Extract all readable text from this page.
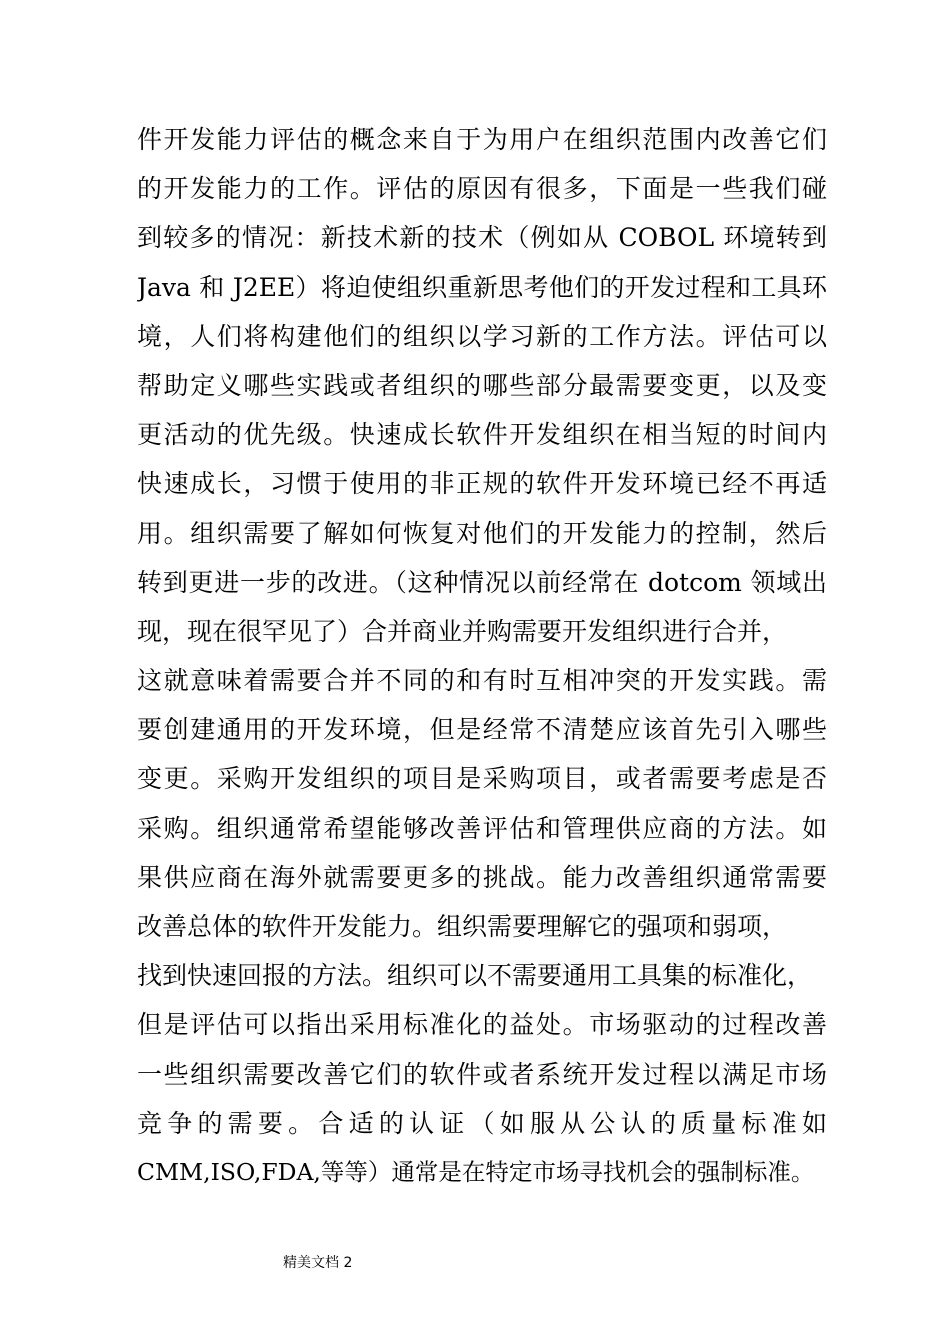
件开发能力评估的概念来自于为用户在组织范围内改善它们
的开发能力的工作。评估的原因有很多，下面是一些我们碰
到较多的情况：新技术新的技术（例如从 COBOL 环境转到
Java 和 J2EE）将迫使组织重新思考他们的开发过程和工具环
境，人们将构建他们的组织以学习新的工作方法。评估可以
帮助定义哪些实践或者组织的哪些部分最需要变更，以及变
更活动的优先级。快速成长软件开发组织在相当短的时间内
快速成长，习惯于使用的非正规的软件开发环境已经不再适
用。组织需要了解如何恢复对他们的开发能力的控制，然后
转到更进一步的改进。（这种情况以前经常在 dotcom 领域出
现，现在很罕见了）合并商业并购需要开发组织进行合并，
这就意味着需要合并不同的和有时互相冲突的开发实践。需
要创建通用的开发环境，但是经常不清楚应该首先引入哪些
变更。采购开发组织的项目是采购项目，或者需要考虑是否
采购。组织通常希望能够改善评估和管理供应商的方法。如
果供应商在海外就需要更多的挑战。能力改善组织通常需要
改善总体的软件开发能力。组织需要理解它的强项和弱项，
找到快速回报的方法。组织可以不需要通用工具集的标准化，
但是评估可以指出采用标准化的益处。市场驱动的过程改善
一些组织需要改善它们的软件或者系统开发过程以满足市场
竞争的需要。合适的认证（如服从公认的质量标准如
CMM,ISO,FDA,等等）通常是在特定市场寻找机会的强制标准。
精美文档 2
